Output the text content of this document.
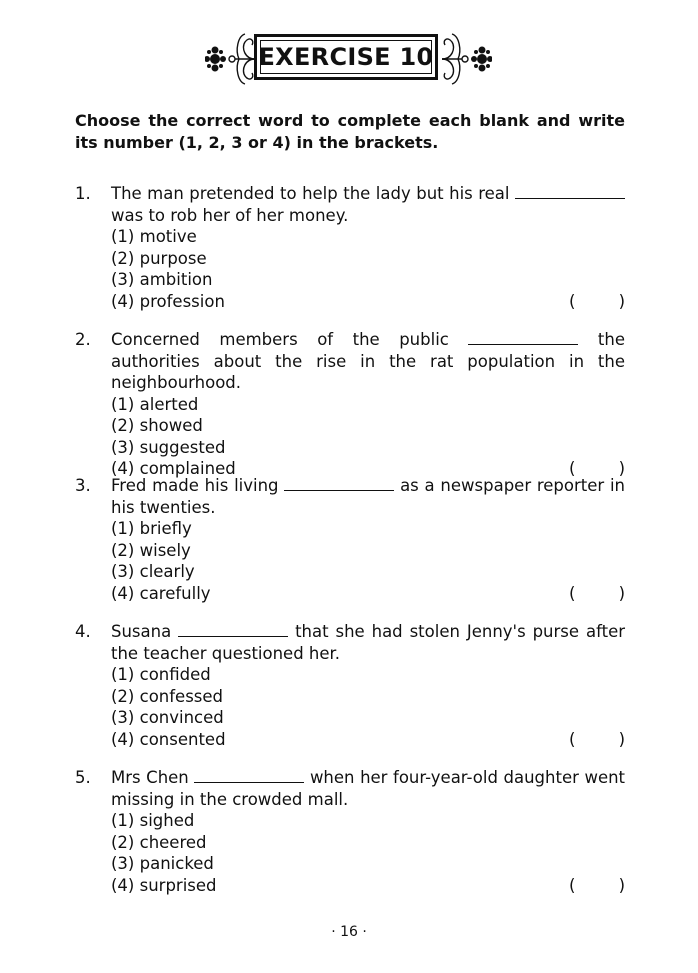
EXERCISE 10
Choose the correct word to complete each blank and write its number (1, 2, 3 or 4) in the brackets.
1. The man pretended to help the lady but his real  was to rob her of her money.
(1) motive
(2) purpose
(3) ambition
(4) profession	(	)
2. Concerned members of the public	the authorities about the rise in the rat population in the neighbourhood.
(1) alerted
(2) showed
(3) suggested
(4) complained	(	)
3. Fred made his living	as a newspaper reporter in his twenties.
(1) briefly
(2) wisely
(3) clearly
(4) carefully	(	)
4. Susana	that she had stolen Jenny's purse after the teacher questioned her.
(1) confided
(2) confessed
(3) convinced
(4) consented	(	)
5. Mrs Chen	when her four-year-old daughter went missing in the crowded mall.
(1) sighed
(2) cheered
(3) panicked
(4) surprised	(	)
· 16 ·
